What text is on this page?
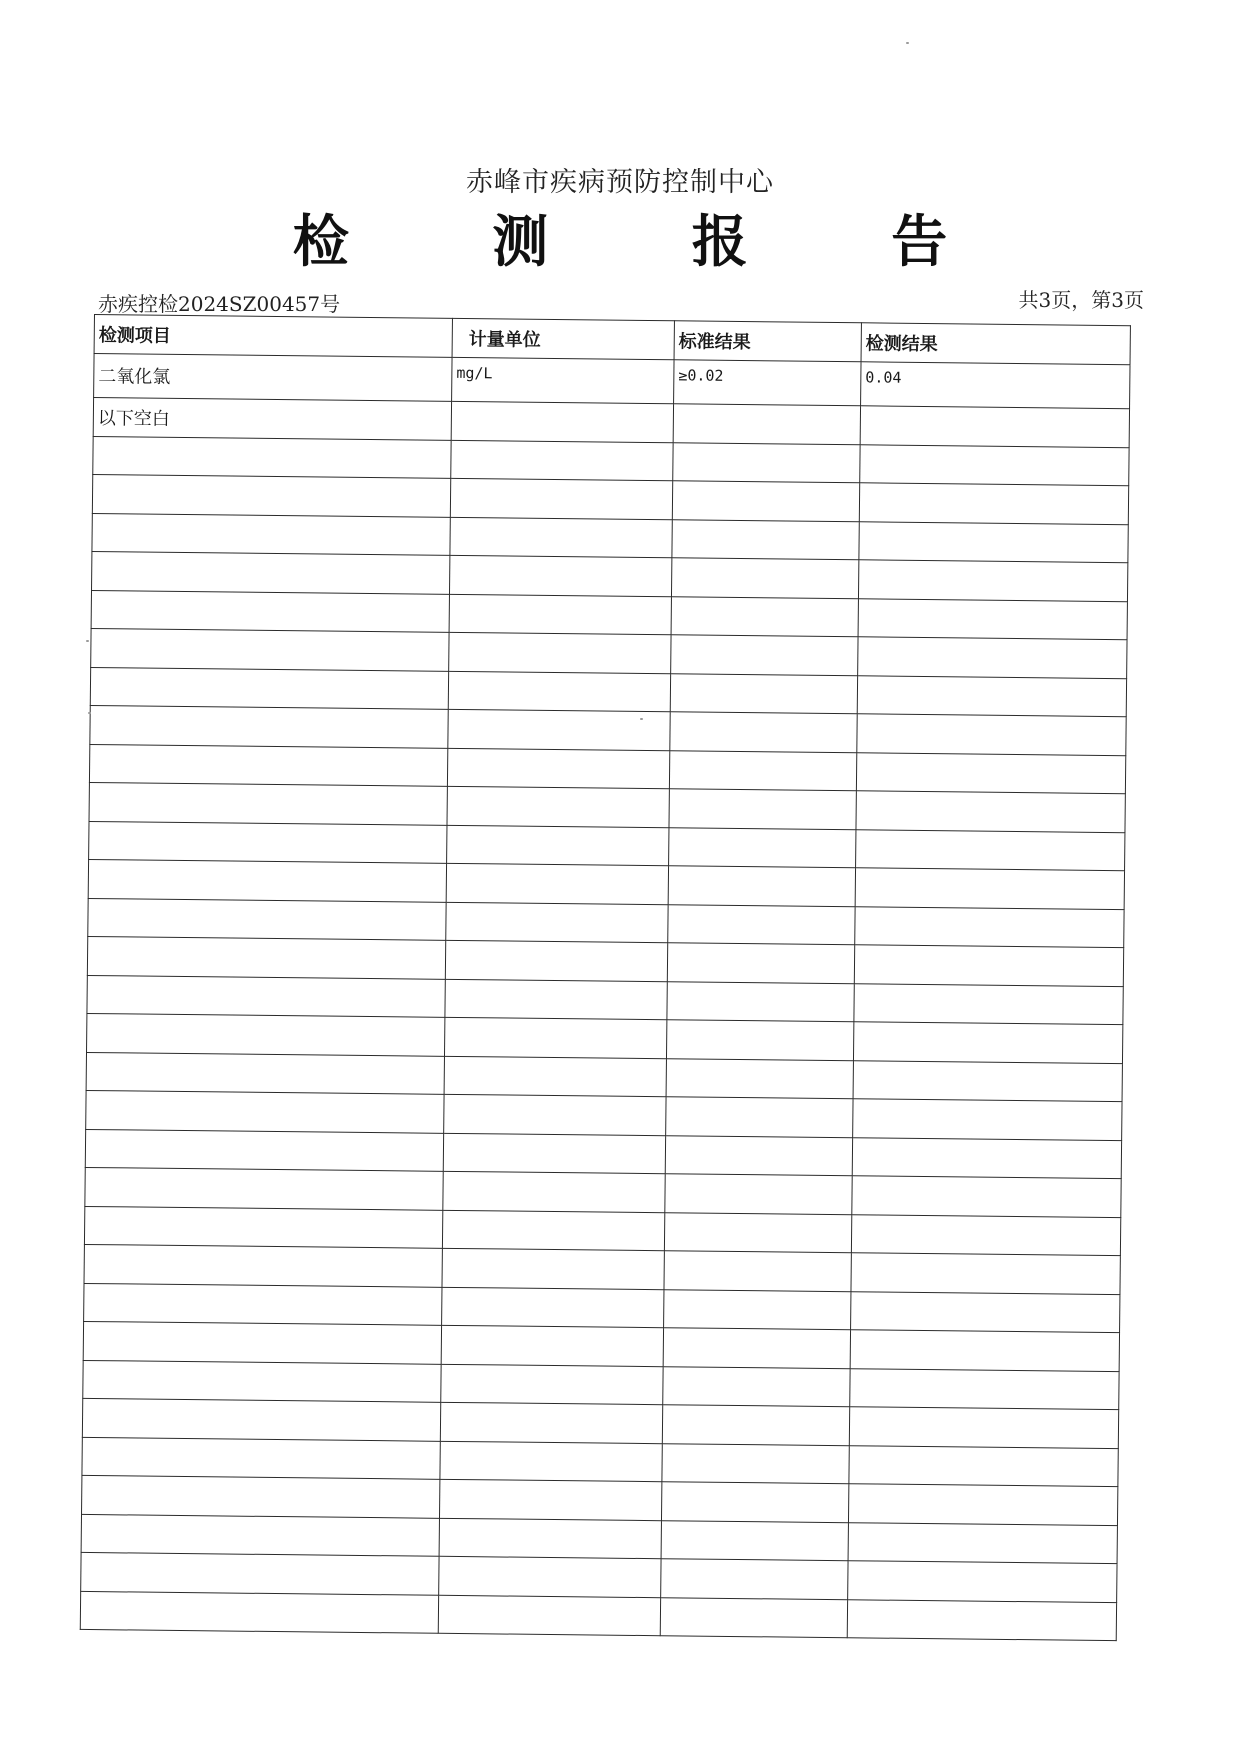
赤峰市疾病预防控制中心
检 测 报 告
赤疾控检2024SZ00457号	共3页，第3页
检测项目	计量单位	标准结果	检测结果
二氧化氯	mg/L	≥0.02	0.04
以下空白			
